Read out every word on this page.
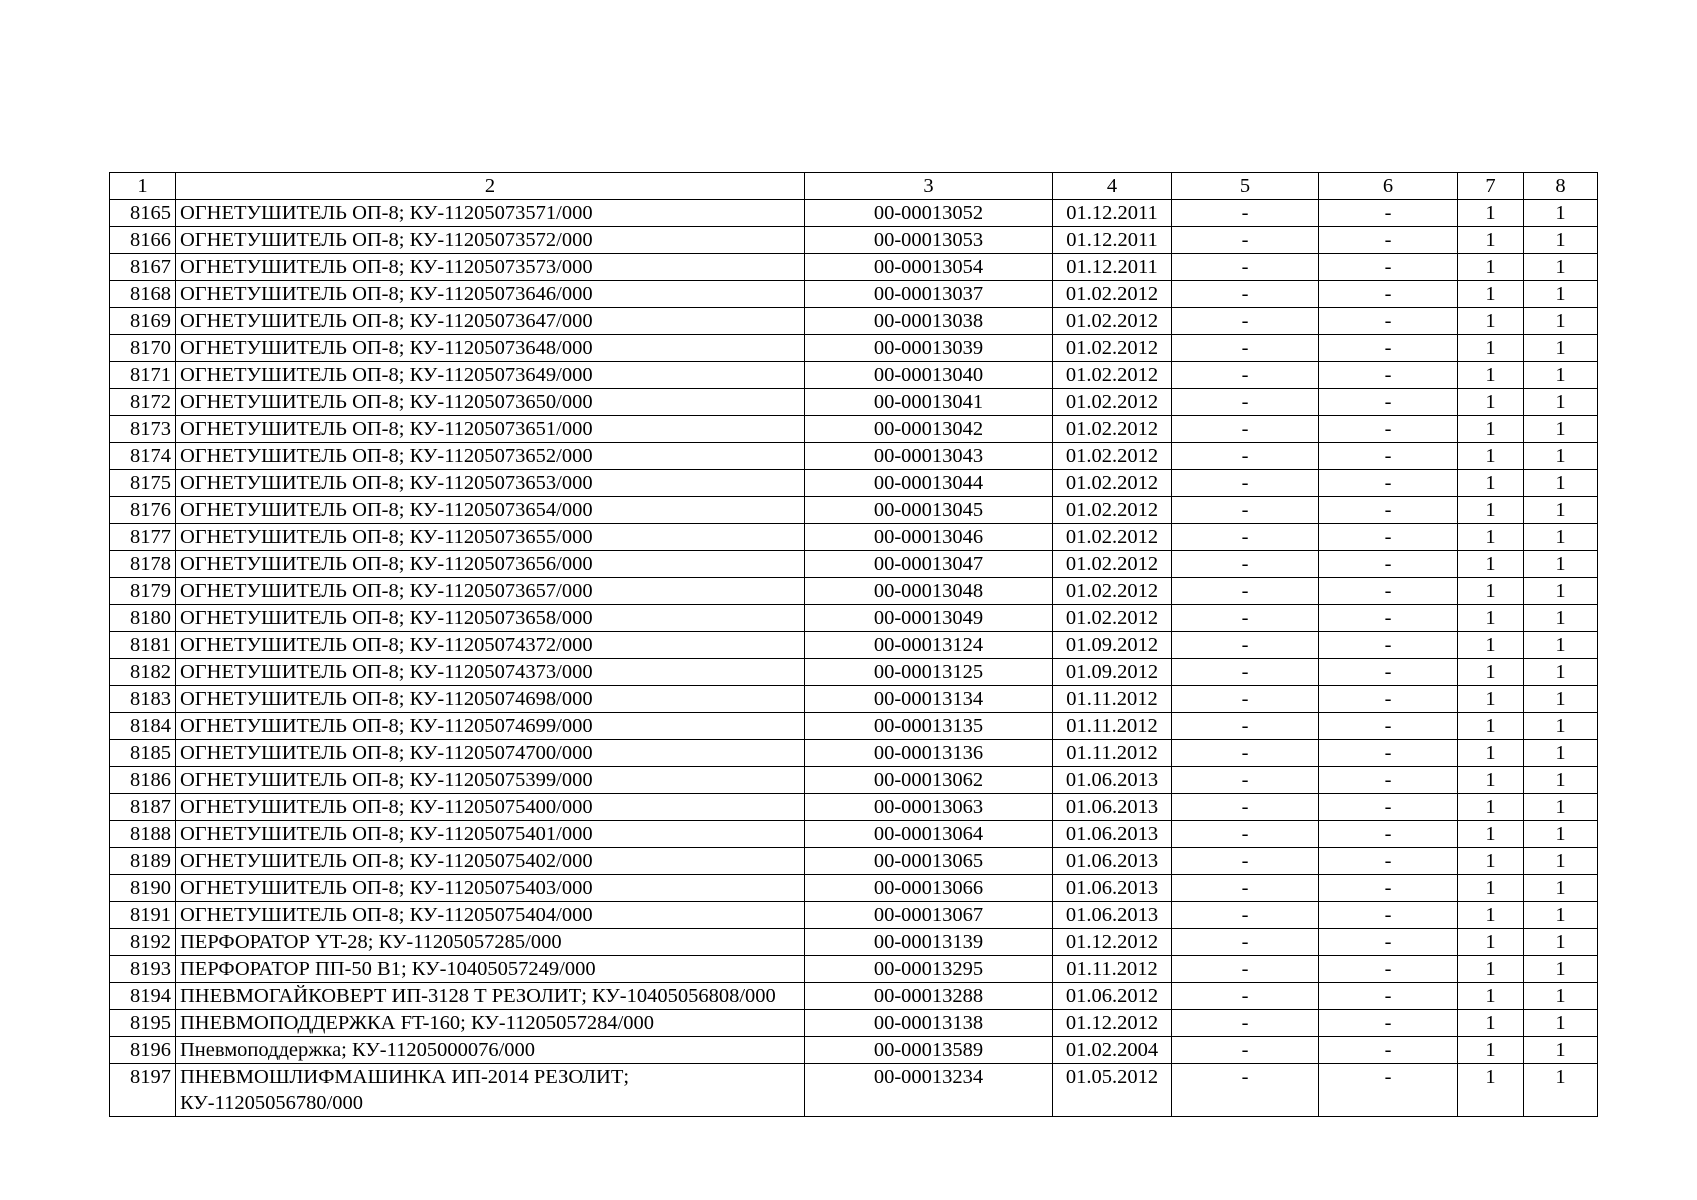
1	2	3	4	5	6	7	8
8165	ОГНЕТУШИТЕЛЬ ОП-8; КУ-11205073571/000	00-00013052	01.12.2011	-	-	1	1
8166	ОГНЕТУШИТЕЛЬ ОП-8; КУ-11205073572/000	00-00013053	01.12.2011	-	-	1	1
8167	ОГНЕТУШИТЕЛЬ ОП-8; КУ-11205073573/000	00-00013054	01.12.2011	-	-	1	1
8168	ОГНЕТУШИТЕЛЬ ОП-8; КУ-11205073646/000	00-00013037	01.02.2012	-	-	1	1
8169	ОГНЕТУШИТЕЛЬ ОП-8; КУ-11205073647/000	00-00013038	01.02.2012	-	-	1	1
8170	ОГНЕТУШИТЕЛЬ ОП-8; КУ-11205073648/000	00-00013039	01.02.2012	-	-	1	1
8171	ОГНЕТУШИТЕЛЬ ОП-8; КУ-11205073649/000	00-00013040	01.02.2012	-	-	1	1
8172	ОГНЕТУШИТЕЛЬ ОП-8; КУ-11205073650/000	00-00013041	01.02.2012	-	-	1	1
8173	ОГНЕТУШИТЕЛЬ ОП-8; КУ-11205073651/000	00-00013042	01.02.2012	-	-	1	1
8174	ОГНЕТУШИТЕЛЬ ОП-8; КУ-11205073652/000	00-00013043	01.02.2012	-	-	1	1
8175	ОГНЕТУШИТЕЛЬ ОП-8; КУ-11205073653/000	00-00013044	01.02.2012	-	-	1	1
8176	ОГНЕТУШИТЕЛЬ ОП-8; КУ-11205073654/000	00-00013045	01.02.2012	-	-	1	1
8177	ОГНЕТУШИТЕЛЬ ОП-8; КУ-11205073655/000	00-00013046	01.02.2012	-	-	1	1
8178	ОГНЕТУШИТЕЛЬ ОП-8; КУ-11205073656/000	00-00013047	01.02.2012	-	-	1	1
8179	ОГНЕТУШИТЕЛЬ ОП-8; КУ-11205073657/000	00-00013048	01.02.2012	-	-	1	1
8180	ОГНЕТУШИТЕЛЬ ОП-8; КУ-11205073658/000	00-00013049	01.02.2012	-	-	1	1
8181	ОГНЕТУШИТЕЛЬ ОП-8; КУ-11205074372/000	00-00013124	01.09.2012	-	-	1	1
8182	ОГНЕТУШИТЕЛЬ ОП-8; КУ-11205074373/000	00-00013125	01.09.2012	-	-	1	1
8183	ОГНЕТУШИТЕЛЬ ОП-8; КУ-11205074698/000	00-00013134	01.11.2012	-	-	1	1
8184	ОГНЕТУШИТЕЛЬ ОП-8; КУ-11205074699/000	00-00013135	01.11.2012	-	-	1	1
8185	ОГНЕТУШИТЕЛЬ ОП-8; КУ-11205074700/000	00-00013136	01.11.2012	-	-	1	1
8186	ОГНЕТУШИТЕЛЬ ОП-8; КУ-11205075399/000	00-00013062	01.06.2013	-	-	1	1
8187	ОГНЕТУШИТЕЛЬ ОП-8; КУ-11205075400/000	00-00013063	01.06.2013	-	-	1	1
8188	ОГНЕТУШИТЕЛЬ ОП-8; КУ-11205075401/000	00-00013064	01.06.2013	-	-	1	1
8189	ОГНЕТУШИТЕЛЬ ОП-8; КУ-11205075402/000	00-00013065	01.06.2013	-	-	1	1
8190	ОГНЕТУШИТЕЛЬ ОП-8; КУ-11205075403/000	00-00013066	01.06.2013	-	-	1	1
8191	ОГНЕТУШИТЕЛЬ ОП-8; КУ-11205075404/000	00-00013067	01.06.2013	-	-	1	1
8192	ПЕРФОРАТОР YT-28; КУ-11205057285/000	00-00013139	01.12.2012	-	-	1	1
8193	ПЕРФОРАТОР ПП-50 В1; КУ-10405057249/000	00-00013295	01.11.2012	-	-	1	1
8194	ПНЕВМОГАЙКОВЕРТ ИП-3128 Т РЕЗОЛИТ; КУ-10405056808/000	00-00013288	01.06.2012	-	-	1	1
8195	ПНЕВМОПОДДЕРЖКА FT-160; КУ-11205057284/000	00-00013138	01.12.2012	-	-	1	1
8196	Пневмоподдержка; КУ-11205000076/000	00-00013589	01.02.2004	-	-	1	1
8197	ПНЕВМОШЛИФМАШИНКА ИП-2014 РЕЗОЛИТ; КУ-11205056780/000	00-00013234	01.05.2012	-	-	1	1
